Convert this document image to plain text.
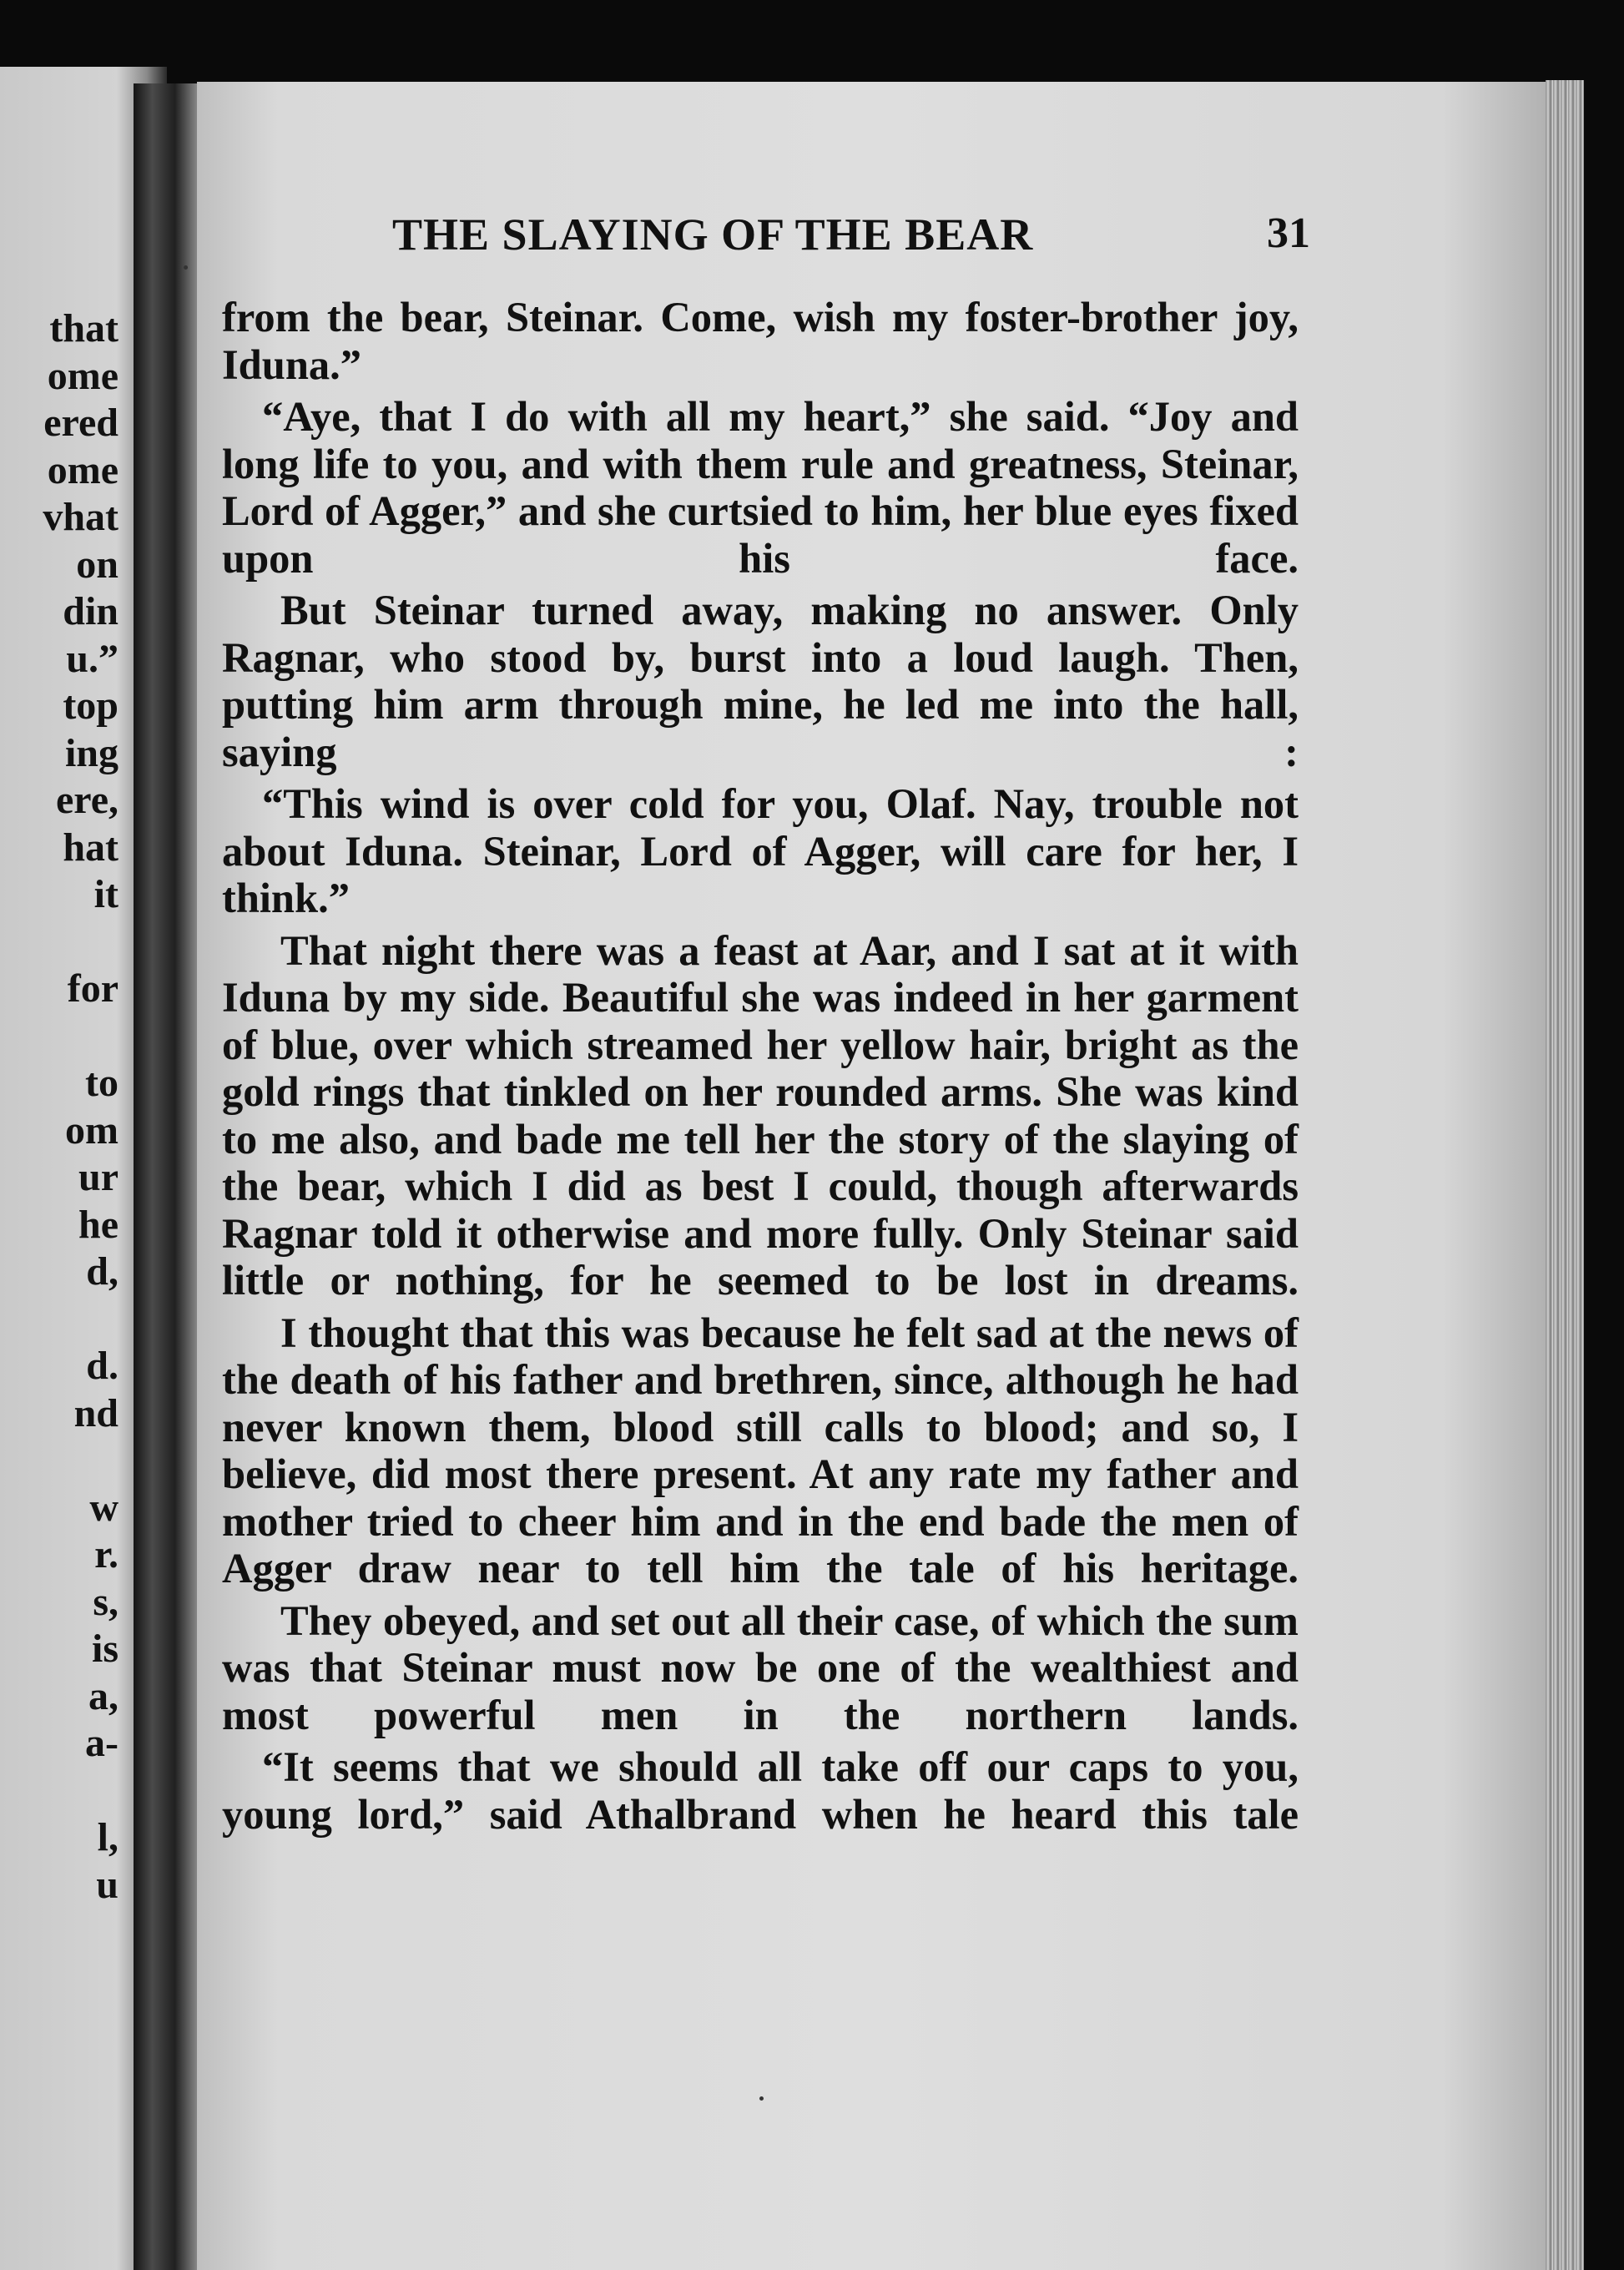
that
ome
ered
ome
vhat
on
din
u.”
top
ing
ere,
hat
it
for
to
om
ur
he
d,
d.
nd
w
r.
s,
is
a,
a-
l,
u
THE SLAYING OF THE BEAR	31

from the bear, Steinar. Come, wish my foster-brother joy, Iduna.”

“Aye, that I do with all my heart,” she said. “Joy and long life to you, and with them rule and greatness, Steinar, Lord of Agger,” and she curtsied to him, her blue eyes fixed upon his face.

But Steinar turned away, making no answer. Only Ragnar, who stood by, burst into a loud laugh. Then, putting him arm through mine, he led me into the hall, saying :

“This wind is over cold for you, Olaf. Nay, trouble not about Iduna. Steinar, Lord of Agger, will care for her, I think.”

That night there was a feast at Aar, and I sat at it with Iduna by my side. Beautiful she was indeed in her garment of blue, over which streamed her yellow hair, bright as the gold rings that tinkled on her rounded arms. She was kind to me also, and bade me tell her the story of the slaying of the bear, which I did as best I could, though afterwards Ragnar told it otherwise and more fully. Only Steinar said little or nothing, for he seemed to be lost in dreams.

I thought that this was because he felt sad at the news of the death of his father and brethren, since, although he had never known them, blood still calls to blood; and so, I believe, did most there present. At any rate my father and mother tried to cheer him and in the end bade the men of Agger draw near to tell him the tale of his heritage.

They obeyed, and set out all their case, of which the sum was that Steinar must now be one of the wealthiest and most powerful men in the northern lands.

“It seems that we should all take off our caps to you, young lord,” said Athalbrand when he heard this tale
